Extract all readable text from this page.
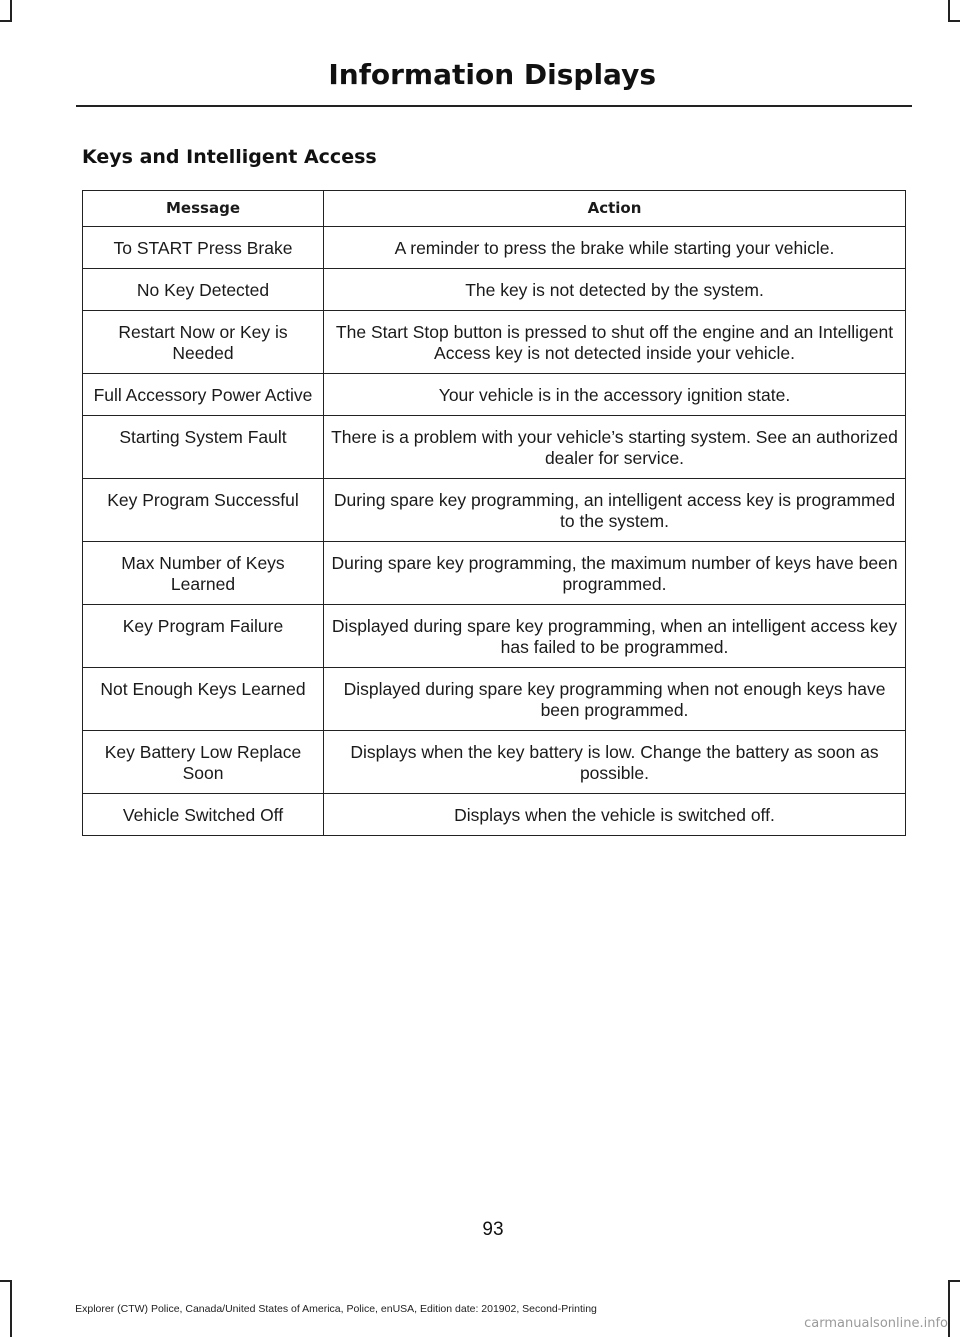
Information Displays
Keys and Intelligent Access
Message	Action
To START Press Brake	A reminder to press the brake while starting your vehicle.
No Key Detected	The key is not detected by the system.
Restart Now or Key is Needed	The Start Stop button is pressed to shut off the engine and an Intelligent Access key is not detected inside your vehicle.
Full Accessory Power Active	Your vehicle is in the accessory ignition state.
Starting System Fault	There is a problem with your vehicle’s starting system. See an authorized dealer for service.
Key Program Successful	During spare key programming, an intelligent access key is programmed to the system.
Max Number of Keys Learned	During spare key programming, the maximum number of keys have been programmed.
Key Program Failure	Displayed during spare key programming, when an intelligent access key has failed to be programmed.
Not Enough Keys Learned	Displayed during spare key programming when not enough keys have been programmed.
Key Battery Low Replace Soon	Displays when the key battery is low. Change the battery as soon as possible.
Vehicle Switched Off	Displays when the vehicle is switched off.
93
Explorer (CTW) Police, Canada/United States of America, Police, enUSA, Edition date: 201902, Second-Printing
carmanualsonline.info
